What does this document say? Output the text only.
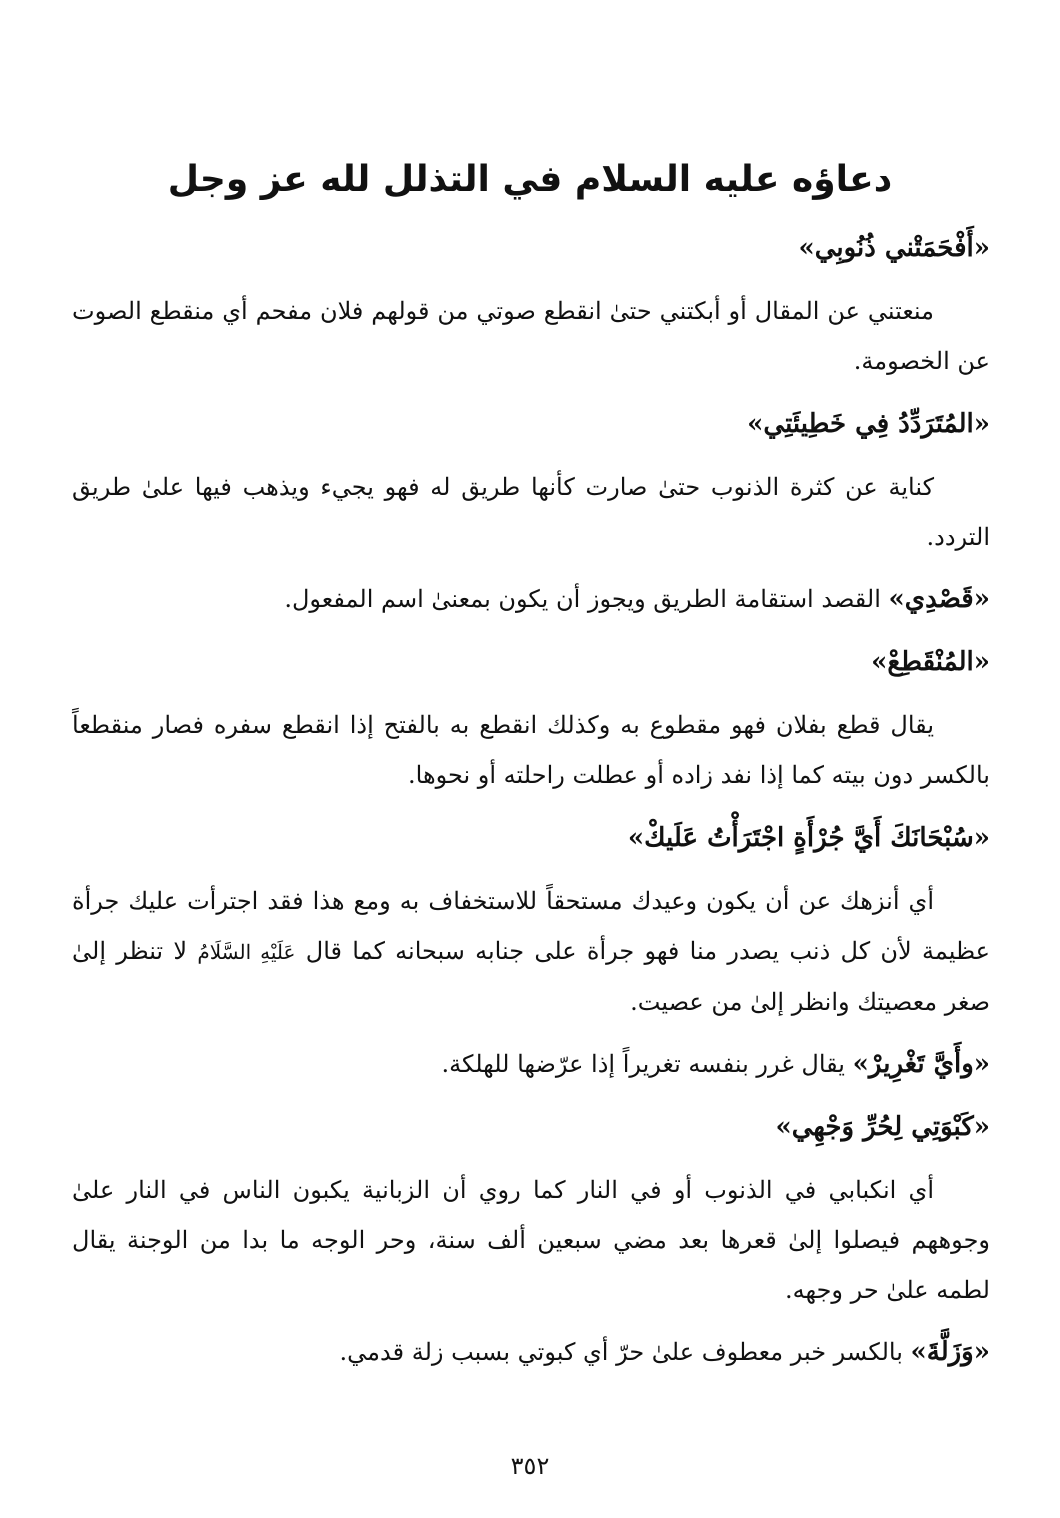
دعاؤه عليه السلام في التذلل لله عز وجل
«أَفْحَمَتْني ذُنُوبِي»

منعتني عن المقال أو أبكتني حتىٰ انقطع صوتي من قولهم فلان مفحم أي منقطع الصوت عن الخصومة.

«المُتَرَدِّدُ فِي خَطِيئَتِي»

كناية عن كثرة الذنوب حتىٰ صارت كأنها طريق له فهو يجيء ويذهب فيها علىٰ طريق التردد.

«قَصْدِي» القصد استقامة الطريق ويجوز أن يكون بمعنىٰ اسم المفعول.

«المُنْقَطِعْ»

يقال قطع بفلان فهو مقطوع به وكذلك انقطع به بالفتح إذا انقطع سفره فصار منقطعاً بالكسر دون بيته كما إذا نفد زاده أو عطلت راحلته أو نحوها.

«سُبْحَانَكَ أَيَّ جُرْأَةٍ اجْتَرَأْتُ عَلَيكْ»

أي أنزهك عن أن يكون وعيدك مستحقاً للاستخفاف به ومع هذا فقد اجترأت عليك جرأة عظيمة لأن كل ذنب يصدر منا فهو جرأة على جنابه سبحانه كما قال عَلَيْهِ السَّلَامُ لا تنظر إلىٰ صغر معصيتك وانظر إلىٰ من عصيت.

«وأَيَّ تَغْرِيرْ» يقال غرر بنفسه تغريراً إذا عرّضها للهلكة.

«كَبْوَتِي لِحُرِّ وَجْهِي»

أي انكبابي في الذنوب أو في النار كما روي أن الزبانية يكبون الناس في النار علىٰ وجوههم فيصلوا إلىٰ قعرها بعد مضي سبعين ألف سنة، وحر الوجه ما بدا من الوجنة يقال لطمه علىٰ حر وجهه.

«وَزَلَّةَ» بالكسر خبر معطوف علىٰ حرّ أي كبوتي بسبب زلة قدمي.

٣٥٢
